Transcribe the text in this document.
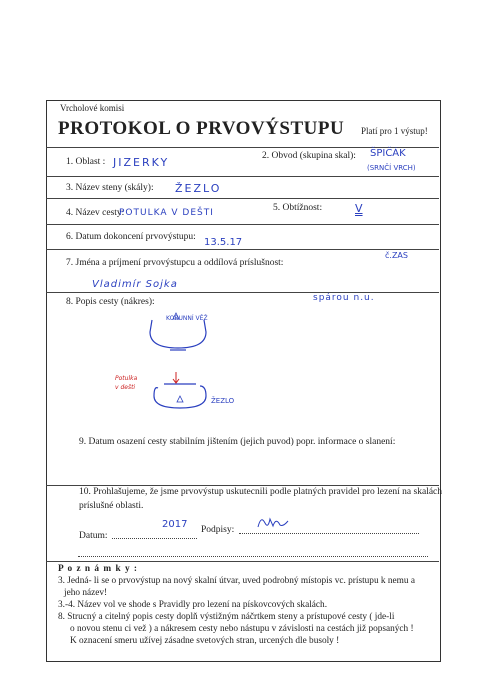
Vrcholové komisi
PROTOKOL O PRVOVÝSTUPU Platí pro 1 výstup!
1. Oblast : JIZERKY	2. Obvod (skupina skal): ŠPIČÁK
(SRNČÍ VRCH)
3. Název steny (skály): ŽEZLO
4. Název cesty:
POTULKA V DEŠTI	5. Obtížnost:	V
6. Datum dokoncení prvovýstupu: 13.5.17
7. Jména a príjmení prvovýstupcu a oddílová príslušnost:
č.ZAS
Vladimír Sojka
8. Popis cesty (nákres):	spárou n.u.
KORUNNÍ VĚŽ
Potulka
v dešti
ŽEZLO
9. Datum osazení cesty stabilním jištením (jejich puvod) popr. informace o slanení:
10. Prohlašujeme, že jsme prvovýstup uskutecnili podle platných pravidel pro lezení na skalách
príslušné oblasti.
Datum:
2017 Podpisy:

P o z n á m k y :

3. Jedná- li se o prvovýstup na nový skalní útvar, uved podrobný místopis vc. prístupu k nemu a

jeho název!

3.-4. Název vol ve shode s Pravidly pro lezení na pískovcových skalách.

8. Strucný a citelný popis cesty doplň výstižným náčrtkem steny a prístupové cesty ( jde-li

o novou stenu ci vež ) a nákresem cesty nebo nástupu v závislosti na cestách již popsaných !

K oznacení smeru užívej zásadne svetových stran, urcených dle busoly !
